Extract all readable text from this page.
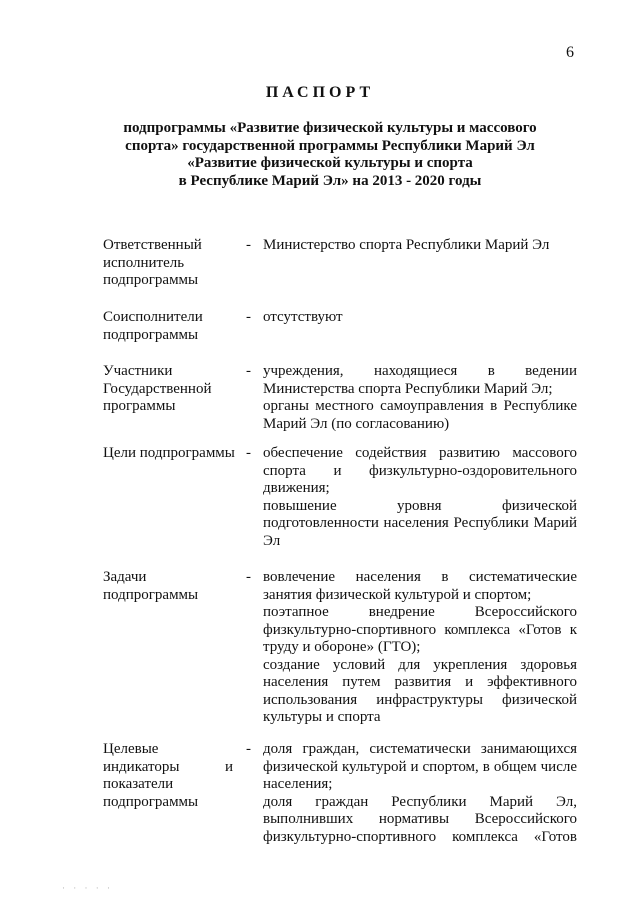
6
ПАСПОРТ
подпрограммы «Развитие физической культуры и массового
спорта» государственной программы Республики Марий Эл
«Развитие физической культуры и спорта
в Республике Марий Эл» на 2013 - 2020 годы
Ответственный исполнитель подпрограммы
- Министерство спорта Республики Марий Эл

Соисполнители подпрограммы
- отсутствуют

Участники Государственной программы
- учреждения, находящиеся в ведении Министерства спорта Республики Марий Эл;

органы местного самоуправления в Республике Марий Эл (по согласованию)

Цели подпрограммы - обеспечение содействия развитию массового спорта и физкультурно-оздоровительного движения;

повышение уровня физической подготовленности населения Республики Марий Эл

Задачи подпрограммы
- вовлечение населения в систематические занятия физической культурой и спортом;

поэтапное внедрение Всероссийского физкультурно-спортивного комплекса «Готов к труду и обороне» (ГТО);

создание условий для укрепления здоровья населения путем развития и эффективного использования инфраструктуры физической культуры и спорта

Целевые индикаторы и показатели подпрограммы
- доля граждан, систематически занимающихся физической культурой и спортом, в общем числе населения;

доля граждан Республики Марий Эл, выполнивших нормативы Всероссийского физкультурно-спортивного комплекса «Готов

· · · · ·
